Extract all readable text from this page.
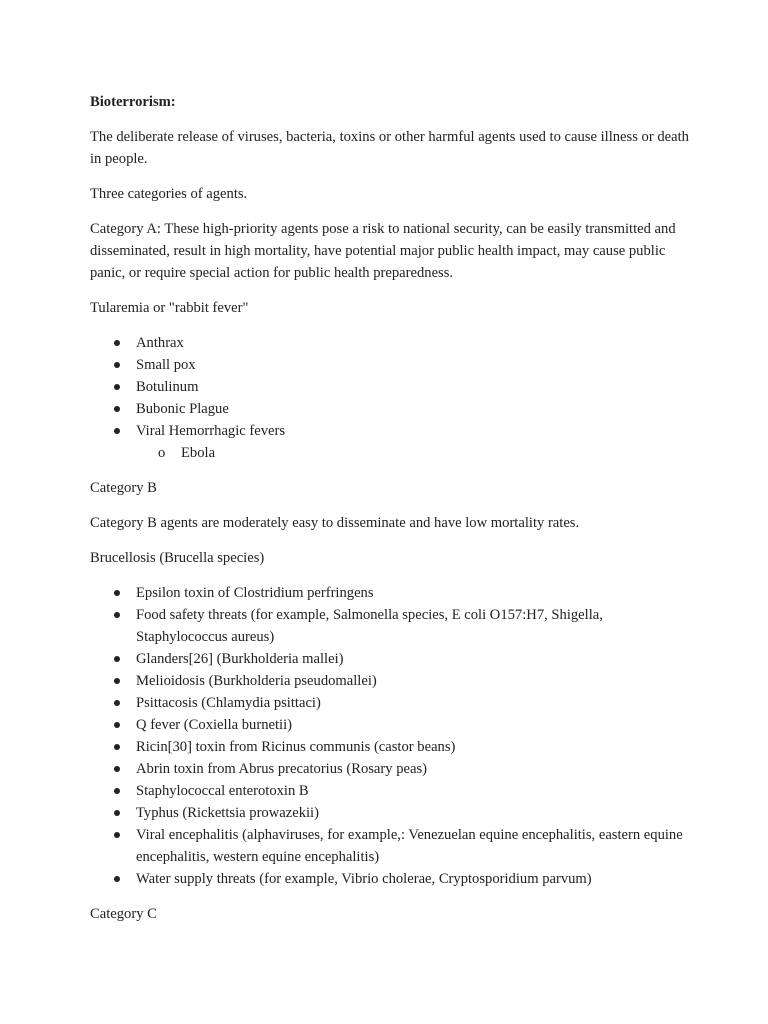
Bioterrorism:

The deliberate release of viruses, bacteria, toxins or other harmful agents used to cause illness or death in people.

Three categories of agents.

Category A: These high-priority agents pose a risk to national security, can be easily transmitted and disseminated, result in high mortality, have potential major public health impact, may cause public panic, or require special action for public health preparedness.

Tularemia or "rabbit fever"

Anthrax
Small pox
Botulinum
Bubonic Plague
Viral Hemorrhagic fevers
o Ebola

Category B

Category B agents are moderately easy to disseminate and have low mortality rates.

Brucellosis (Brucella species)

Epsilon toxin of Clostridium perfringens
Food safety threats (for example, Salmonella species, E coli O157:H7, Shigella, Staphylococcus aureus)
Glanders[26] (Burkholderia mallei)
Melioidosis (Burkholderia pseudomallei)
Psittacosis (Chlamydia psittaci)
Q fever (Coxiella burnetii)
Ricin[30] toxin from Ricinus communis (castor beans)
Abrin toxin from Abrus precatorius (Rosary peas)
Staphylococcal enterotoxin B
Typhus (Rickettsia prowazekii)
Viral encephalitis (alphaviruses, for example,: Venezuelan equine encephalitis, eastern equine encephalitis, western equine encephalitis)
Water supply threats (for example, Vibrio cholerae, Cryptosporidium parvum)

Category C
